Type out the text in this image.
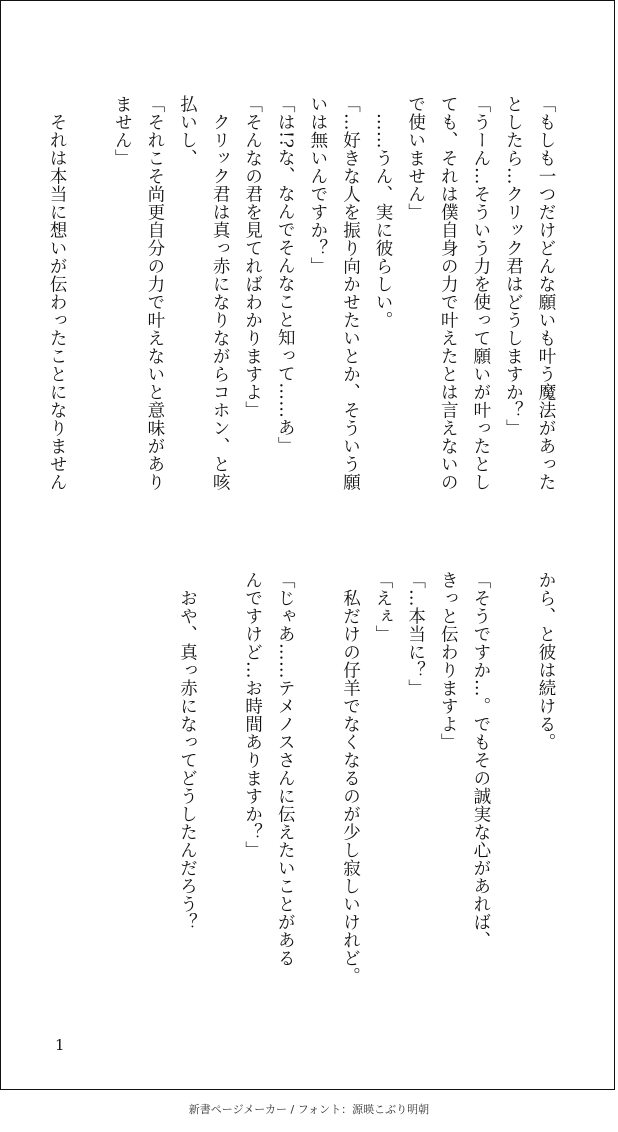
「もしも一つだけどんな願いも叶う魔法があった
としたら…クリック君はどうしますか？」
「うーん…そういう力を使って願いが叶ったとし
ても、それは僕自身の力で叶えたとは言えないの
で使いません」
　……うん、実に彼らしい。
「…好きな人を振り向かせたいとか、そういう願
いは無いんですか？」
「は!?な、なんでそんなこと知って……あ」
「そんなの君を見てればわかりますよ」
　クリック君は真っ赤になりながらコホン、と咳
払いし、
「それこそ尚更自分の力で叶えないと意味があり
ません」

　それは本当に想いが伝わったことになりません

から、と彼は続ける。

「そうですか…。でもその誠実な心があれば、
きっと伝わりますよ」
「…本当に？」
「えぇ」
　私だけの仔羊でなくなるのが少し寂しいけれど。

「じゃあ……テメノスさんに伝えたいことがある
んですけど…お時間ありますか？」

　おや、真っ赤になってどうしたんだろう？

1

新書ページメーカー / フォント：源暎こぶり明朝
